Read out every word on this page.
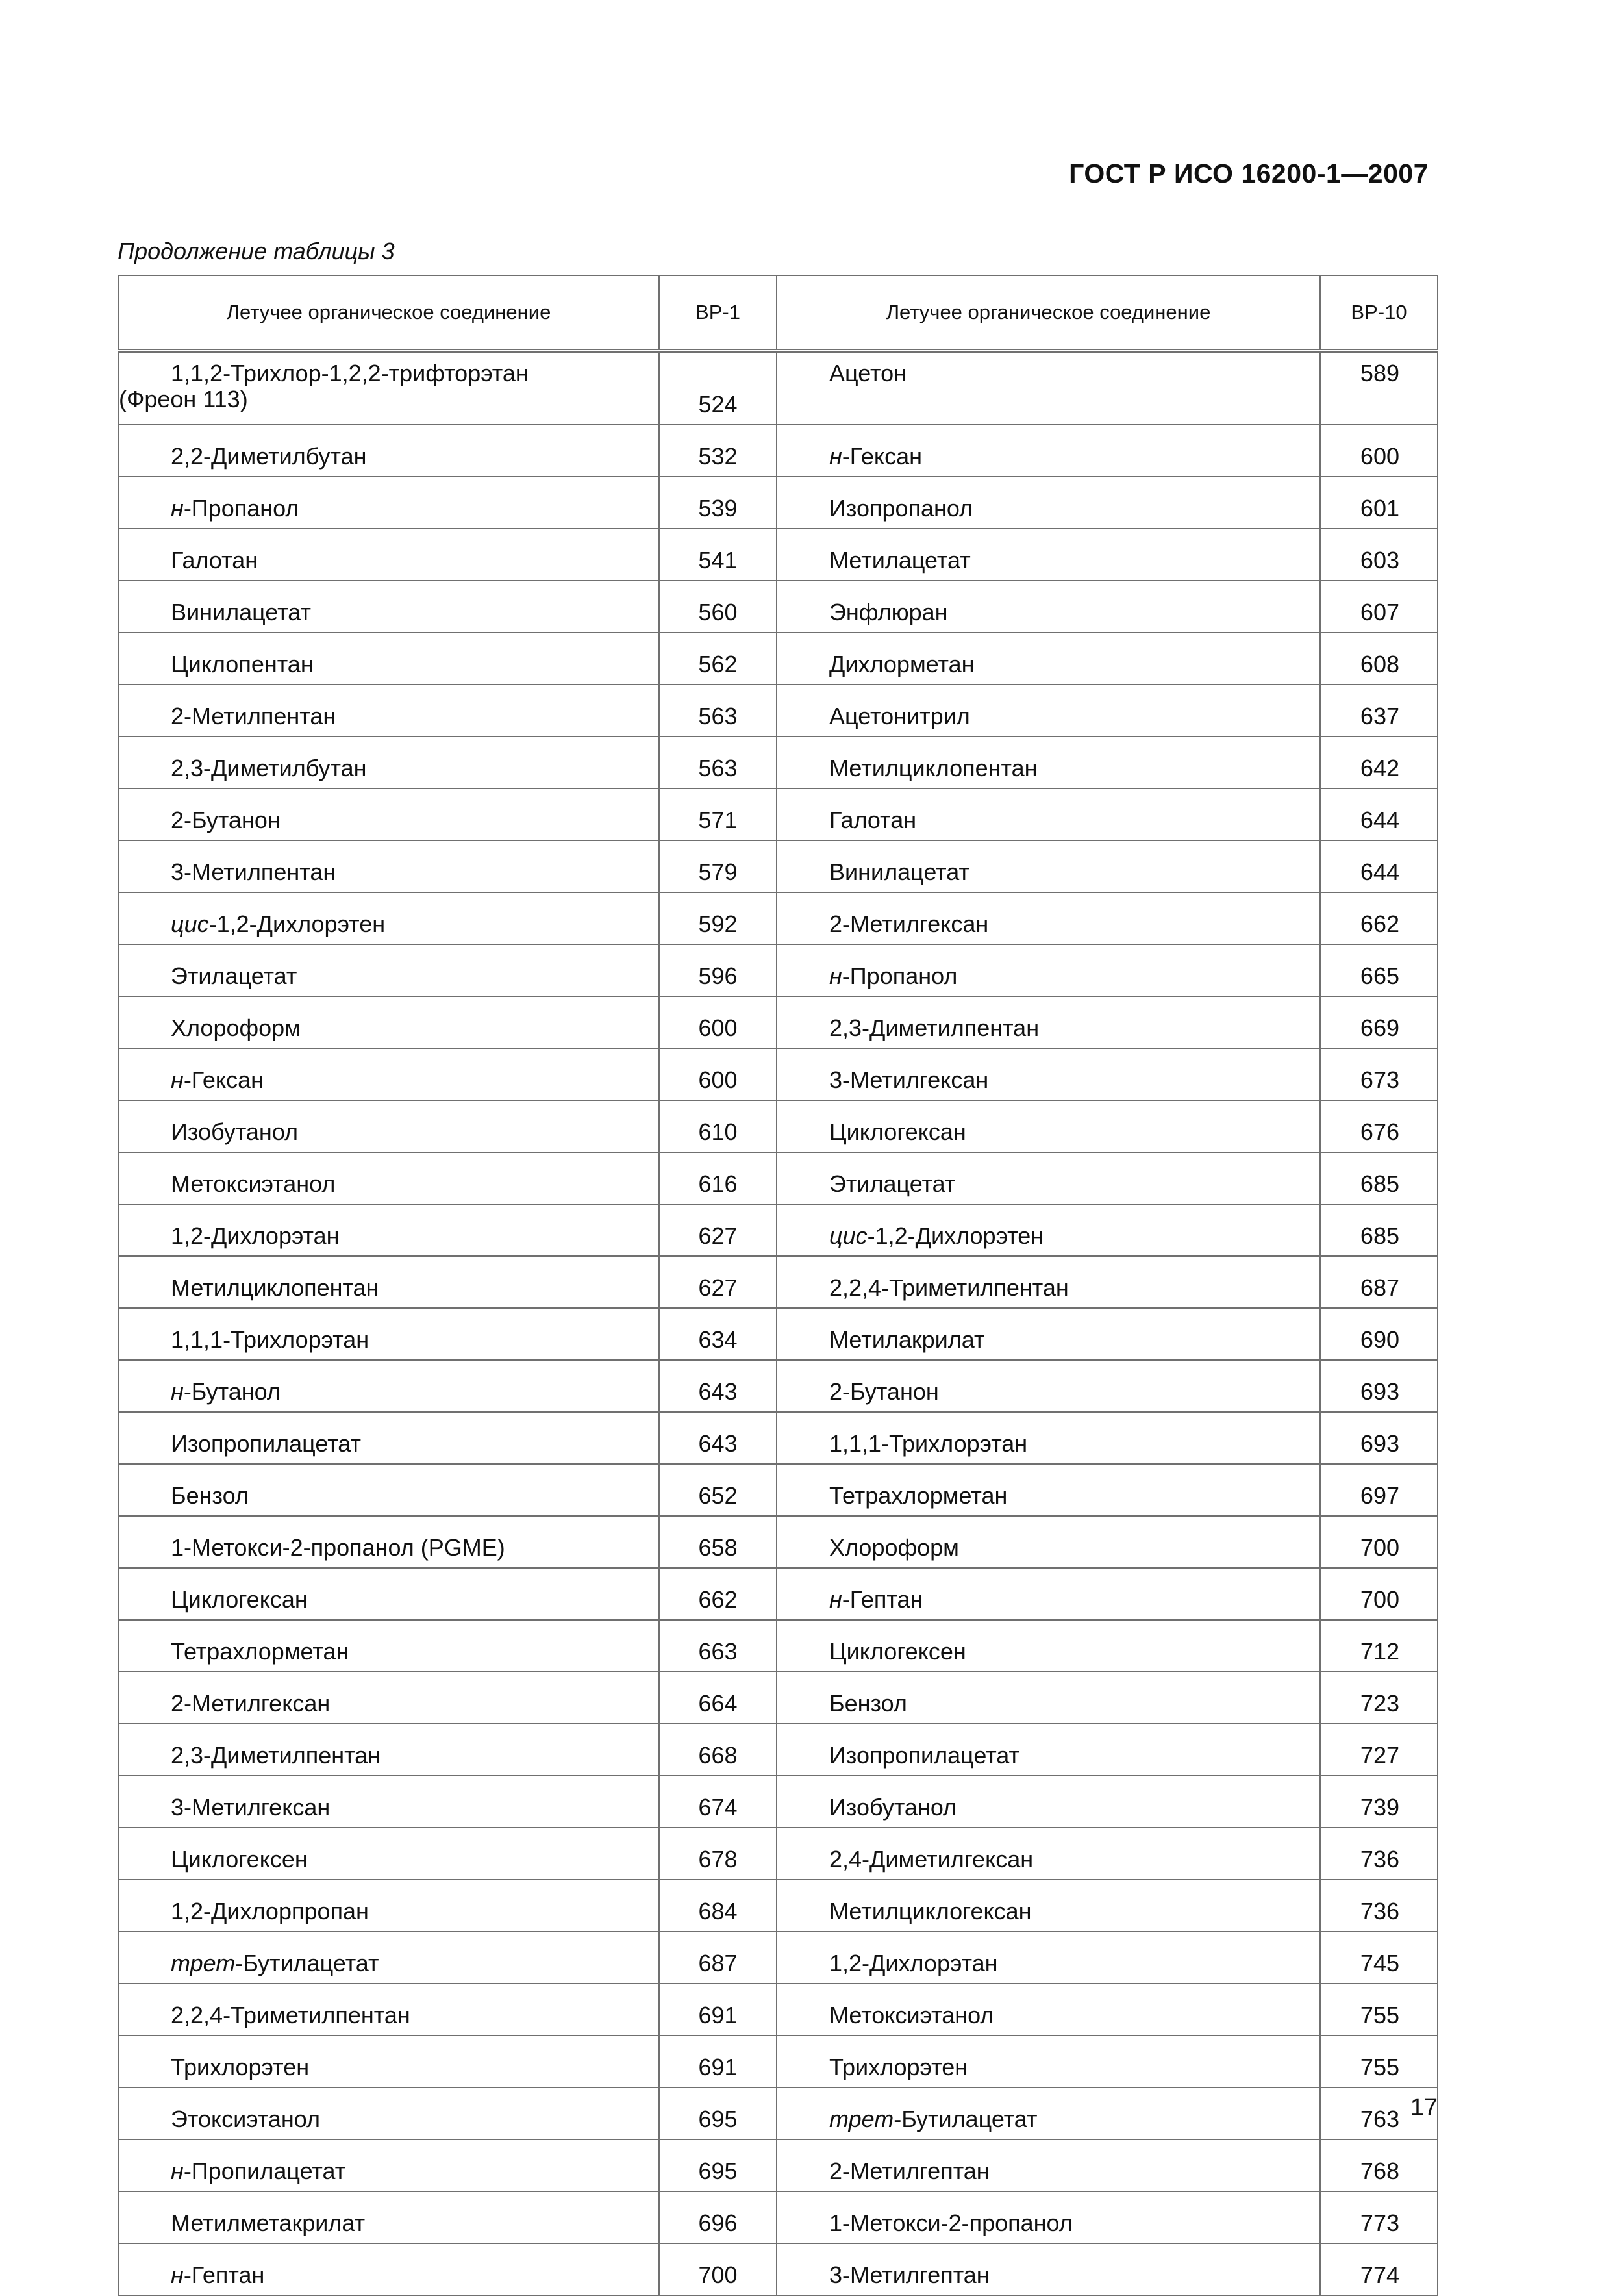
ГОСТ Р ИСО 16200-1—2007
Продолжение таблицы 3
Летучее органическое соединение	BP-1	Летучее органическое соединение	BP-10

1,1,2-Трихлор-1,2,2-трифторэтан
(Фреон 113)	524	Ацетон	589
2,2-Диметилбутан	532	н-Гексан	600
н-Пропанол	539	Изопропанол	601
Галотан	541	Метилацетат	603
Винилацетат	560	Энфлюран	607
Циклопентан	562	Дихлорметан	608
2-Метилпентан	563	Ацетонитрил	637
2,3-Диметилбутан	563	Метилциклопентан	642
2-Бутанон	571	Галотан	644
3-Метилпентан	579	Винилацетат	644
цис-1,2-Дихлорэтен	592	2-Метилгексан	662
Этилацетат	596	н-Пропанол	665
Хлороформ	600	2,3-Диметилпентан	669
н-Гексан	600	3-Метилгексан	673
Изобутанол	610	Циклогексан	676
Метоксиэтанол	616	Этилацетат	685
1,2-Дихлорэтан	627	цис-1,2-Дихлорэтен	685
Метилциклопентан	627	2,2,4-Триметилпентан	687
1,1,1-Трихлорэтан	634	Метилакрилат	690
н-Бутанол	643	2-Бутанон	693
Изопропилацетат	643	1,1,1-Трихлорэтан	693
Бензол	652	Тетрахлорметан	697
1-Метокси-2-пропанол (PGME)	658	Хлороформ	700
Циклогексан	662	н-Гептан	700
Тетрахлорметан	663	Циклогексен	712
2-Метилгексан	664	Бензол	723
2,3-Диметилпентан	668	Изопропилацетат	727
3-Метилгексан	674	Изобутанол	739
Циклогексен	678	2,4-Диметилгексан	736
1,2-Дихлорпропан	684	Метилциклогексан	736
трет-Бутилацетат	687	1,2-Дихлорэтан	745
2,2,4-Триметилпентан	691	Метоксиэтанол	755
Трихлорэтен	691	Трихлорэтен	755
Этоксиэтанол	695	трет-Бутилацетат	763
н-Пропилацетат	695	2-Метилгептан	768
Метилметакрилат	696	1-Метокси-2-пропанол	773
н-Гептан	700	3-Метилгептан	774
17
